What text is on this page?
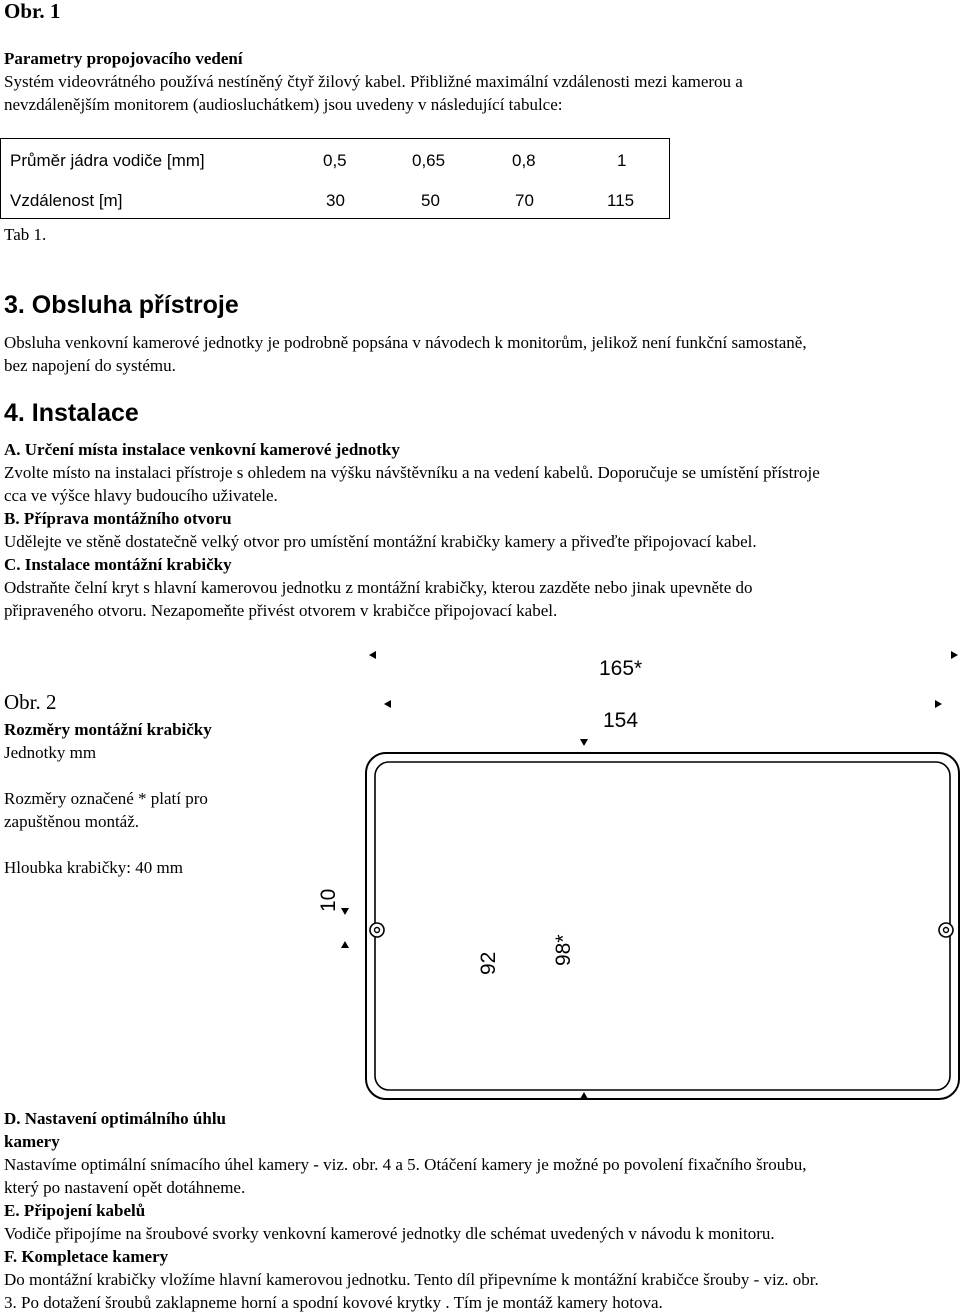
Obr. 1
Parametry propojovacího vedení
Systém videovrátného používá nestíněný čtyř žilový kabel. Přibližné maximální vzdálenosti mezi kamerou a
nevzdálenějším monitorem (audiosluchátkem) jsou uvedeny v následující tabulce:
Průměr jádra vodiče [mm]	0,5	0,65	0,8	1
Vzdálenost [m]	30	50	70	115
Tab 1.
3. Obsluha přístroje
Obsluha venkovní kamerové jednotky je podrobně popsána v návodech k monitorům, jelikož není funkční samostaně,
bez napojení do systému.
4. Instalace
A. Určení místa instalace venkovní kamerové jednotky
Zvolte místo na instalaci přístroje s ohledem na výšku návštěvníku a na vedení kabelů. Doporučuje se umístění přístroje
cca ve výšce hlavy budoucího uživatele.
B. Příprava montážního otvoru
Udělejte ve stěně dostatečně velký otvor pro umístění montážní krabičky kamery a přiveďte připojovací kabel.
C. Instalace montážní krabičky
Odstraňte čelní kryt s hlavní kamerovou jednotku z montážní krabičky, kterou zazděte nebo jinak upevněte do
připraveného otvoru. Nezapomeňte přivést otvorem v krabičce připojovací kabel.
Obr. 2
Rozměry montážní krabičky
Jednotky mm
Rozměry označené * platí pro
zapuštěnou montáž.
Hloubka krabičky: 40 mm
165*
154
92 98*
10
D. Nastavení optimálního úhlu
kamery
Nastavíme optimální snímacího úhel kamery - viz. obr. 4 a 5. Otáčení kamery je možné po povolení fixačního šroubu,
který po nastavení opět dotáhneme.
E. Připojení kabelů
Vodiče připojíme na šroubové svorky venkovní kamerové jednotky dle schémat uvedených v návodu k monitoru.
F. Kompletace kamery
Do montážní krabičky vložíme hlavní kamerovou jednotku. Tento díl připevníme k montážní krabičce šrouby - viz. obr.
3. Po dotažení šroubů zaklapneme horní a spodní kovové krytky . Tím je montáž kamery hotova.
